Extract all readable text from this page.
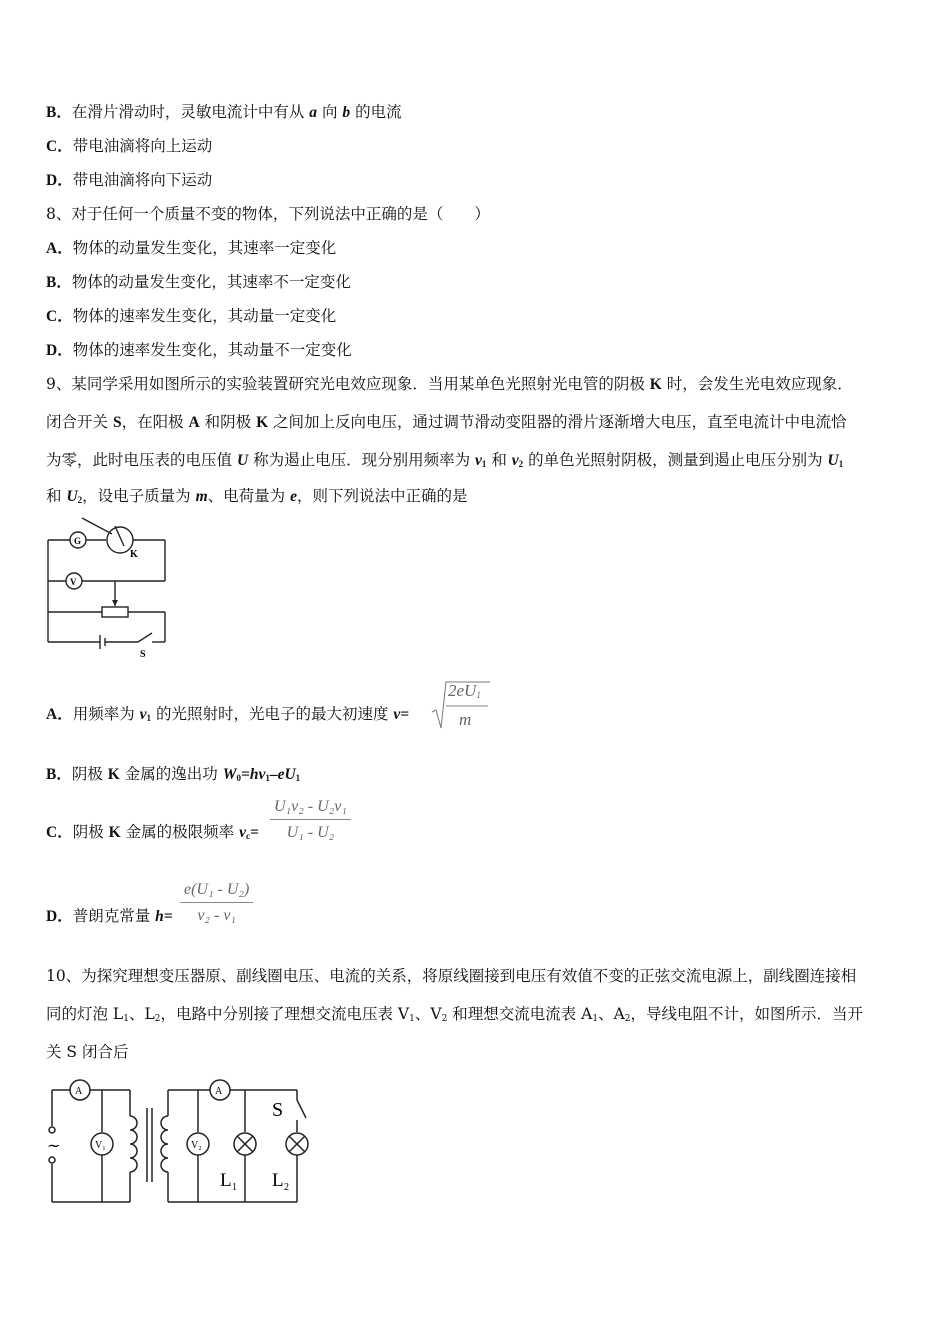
B．在滑片滑动时，灵敏电流计中有从 a 向 b 的电流
C．带电油滴将向上运动
D．带电油滴将向下运动
8、对于任何一个质量不变的物体，下列说法中正确的是（　　）
A．物体的动量发生变化，其速率一定变化
B．物体的动量发生变化，其速率不一定变化
C．物体的速率发生变化，其动量一定变化
D．物体的速率发生变化，其动量不一定变化
9、某同学采用如图所示的实验装置研究光电效应现象．当用某单色光照射光电管的阴极 K 时，会发生光电效应现象．
闭合开关 S，在阳极 A 和阴极 K 之间加上反向电压，通过调节滑动变阻器的滑片逐渐增大电压，直至电流计中电流恰
为零，此时电压表的电压值 U 称为遏止电压．现分别用频率为 $v_1$ 和 $v_2$ 的单色光照射阴极，测量到遏止电压分别为 $U_1$
和 $U_2$，设电子质量为 m、电荷量为 e，则下列说法中正确的是
G
K
V
S
A．用频率为 $v_1$ 的光照射时，光电子的最大初速度 v=
$2eU_1$
m
B．阴极 K 金属的逸出功 $W_0=hv_1-eU_1$
C．阴极 K 金属的极限频率 $v_c= \frac{\text{U₁ν₂ - U₂ν₁}}{\text{U₁ - U₂}}$
D．普朗克常量 $h= \frac{\text{e(U₁ - U₂)}}{\text{ν₂ - ν₁}}$
10、为探究理想变压器原、副线圈电压、电流的关系，将原线圈接到电压有效值不变的正弦交流电源上，副线圈连接相
同的灯泡 $L_1$、$L_2$，电路中分别接了理想交流电压表 $V_1$、$V_2$ 和理想交流电流表 $A_1$、$A_2$，导线电阻不计，如图所示．当开
关 S 闭合后
A	A
V₁	V₂
~
S
L 1 L 2
